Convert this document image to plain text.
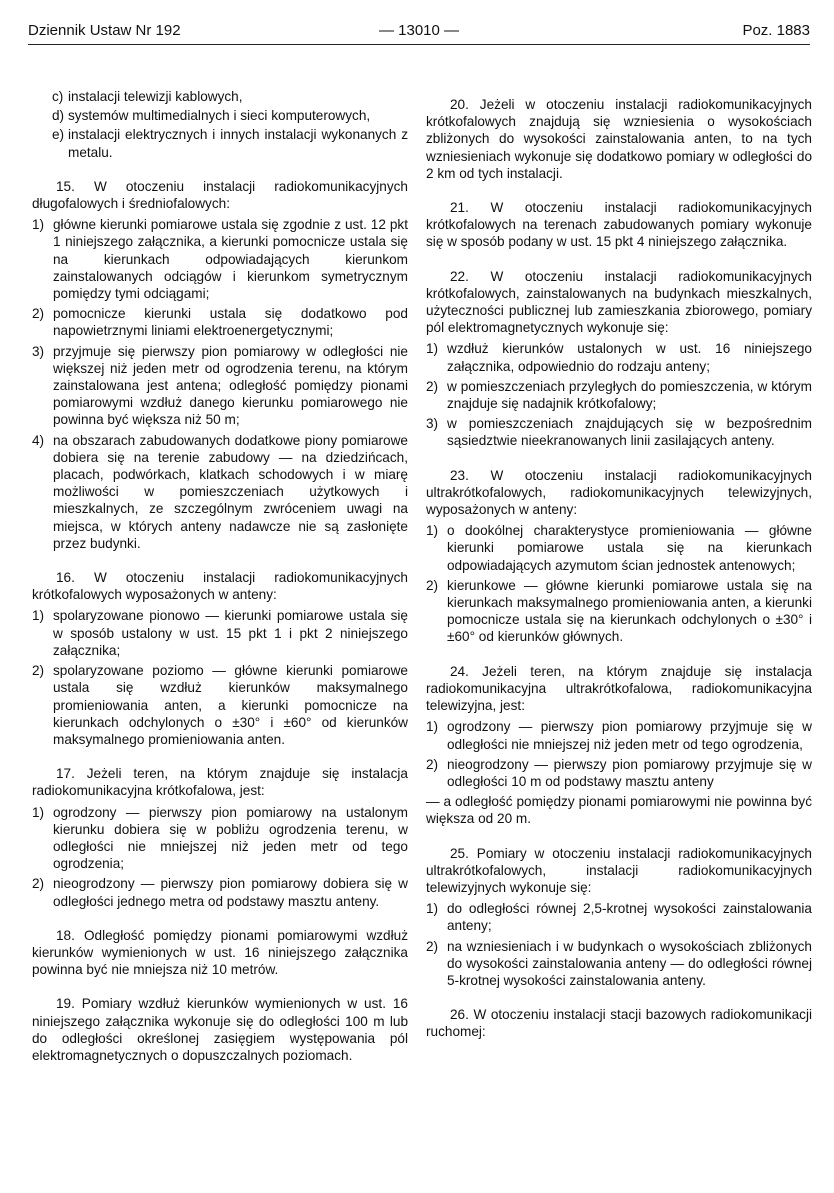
Dziennik Ustaw Nr 192	— 13010 —	Poz. 1883
c) instalacji telewizji kablowych,
d) systemów multimedialnych i sieci komputerowych,
e) instalacji elektrycznych i innych instalacji wykonanych z metalu.

15. W otoczeniu instalacji radiokomunikacyjnych długofalowych i średniofalowych:

1) główne kierunki pomiarowe ustala się zgodnie z ust. 12 pkt 1 niniejszego załącznika, a kierunki pomocnicze ustala się na kierunkach odpowiadających kierunkom zainstalowanych odciągów i kierunkom symetrycznym pomiędzy tymi odciągami;
2) pomocnicze kierunki ustala się dodatkowo pod napowietrznymi liniami elektroenergetycznymi;
3) przyjmuje się pierwszy pion pomiarowy w odległości nie większej niż jeden metr od ogrodzenia terenu, na którym zainstalowana jest antena; odległość pomiędzy pionami pomiarowymi wzdłuż danego kierunku pomiarowego nie powinna być większa niż 50 m;
4) na obszarach zabudowanych dodatkowe piony pomiarowe dobiera się na terenie zabudowy — na dziedzińcach, placach, podwórkach, klatkach schodowych i w miarę możliwości w pomieszczeniach użytkowych i mieszkalnych, ze szczególnym zwróceniem uwagi na miejsca, w których anteny nadawcze nie są zasłonięte przez budynki.

16. W otoczeniu instalacji radiokomunikacyjnych krótkofalowych wyposażonych w anteny:

1) spolaryzowane pionowo — kierunki pomiarowe ustala się w sposób ustalony w ust. 15 pkt 1 i pkt 2 niniejszego załącznika;
2) spolaryzowane poziomo — główne kierunki pomiarowe ustala się wzdłuż kierunków maksymalnego promieniowania anten, a kierunki pomocnicze na kierunkach odchylonych o ±30° i ±60° od kierunków maksymalnego promieniowania anten.

17. Jeżeli teren, na którym znajduje się instalacja radiokomunikacyjna krótkofalowa, jest:

1) ogrodzony — pierwszy pion pomiarowy na ustalonym kierunku dobiera się w pobliżu ogrodzenia terenu, w odległości nie mniejszej niż jeden metr od tego ogrodzenia;
2) nieogrodzony — pierwszy pion pomiarowy dobiera się w odległości jednego metra od podstawy masztu anteny.

18. Odległość pomiędzy pionami pomiarowymi wzdłuż kierunków wymienionych w ust. 16 niniejszego załącznika powinna być nie mniejsza niż 10 metrów.

19. Pomiary wzdłuż kierunków wymienionych w ust. 16 niniejszego załącznika wykonuje się do odległości 100 m lub do odległości określonej zasięgiem występowania pól elektromagnetycznych o dopuszczalnych poziomach.

20. Jeżeli w otoczeniu instalacji radiokomunikacyjnych krótkofalowych znajdują się wzniesienia o wysokościach zbliżonych do wysokości zainstalowania anten, to na tych wzniesieniach wykonuje się dodatkowo pomiary w odległości do 2 km od tych instalacji.

21. W otoczeniu instalacji radiokomunikacyjnych krótkofalowych na terenach zabudowanych pomiary wykonuje się w sposób podany w ust. 15 pkt 4 niniejszego załącznika.

22. W otoczeniu instalacji radiokomunikacyjnych krótkofalowych, zainstalowanych na budynkach mieszkalnych, użyteczności publicznej lub zamieszkania zbiorowego, pomiary pól elektromagnetycznych wykonuje się:

1) wzdłuż kierunków ustalonych w ust. 16 niniejszego załącznika, odpowiednio do rodzaju anteny;
2) w pomieszczeniach przyległych do pomieszczenia, w którym znajduje się nadajnik krótkofalowy;
3) w pomieszczeniach znajdujących się w bezpośrednim sąsiedztwie nieekranowanych linii zasilających anteny.

23. W otoczeniu instalacji radiokomunikacyjnych ultrakrótkofalowych, radiokomunikacyjnych telewizyjnych, wyposażonych w anteny:

1) o dookólnej charakterystyce promieniowania — główne kierunki pomiarowe ustala się na kierunkach odpowiadających azymutom ścian jednostek antenowych;
2) kierunkowe — główne kierunki pomiarowe ustala się na kierunkach maksymalnego promieniowania anten, a kierunki pomocnicze ustala się na kierunkach odchylonych o ±30° i ±60° od kierunków głównych.

24. Jeżeli teren, na którym znajduje się instalacja radiokomunikacyjna ultrakrótkofalowa, radiokomunikacyjna telewizyjna, jest:

1) ogrodzony — pierwszy pion pomiarowy przyjmuje się w odległości nie mniejszej niż jeden metr od tego ogrodzenia,
2) nieogrodzony — pierwszy pion pomiarowy przyjmuje się w odległości 10 m od podstawy masztu anteny

— a odległość pomiędzy pionami pomiarowymi nie powinna być większa od 20 m.

25. Pomiary w otoczeniu instalacji radiokomunikacyjnych ultrakrótkofalowych, instalacji radiokomunikacyjnych telewizyjnych wykonuje się:

1) do odległości równej 2,5-krotnej wysokości zainstalowania anteny;
2) na wzniesieniach i w budynkach o wysokościach zbliżonych do wysokości zainstalowania anteny — do odległości równej 5-krotnej wysokości zainstalowania anteny.

26. W otoczeniu instalacji stacji bazowych radiokomunikacji ruchomej:
